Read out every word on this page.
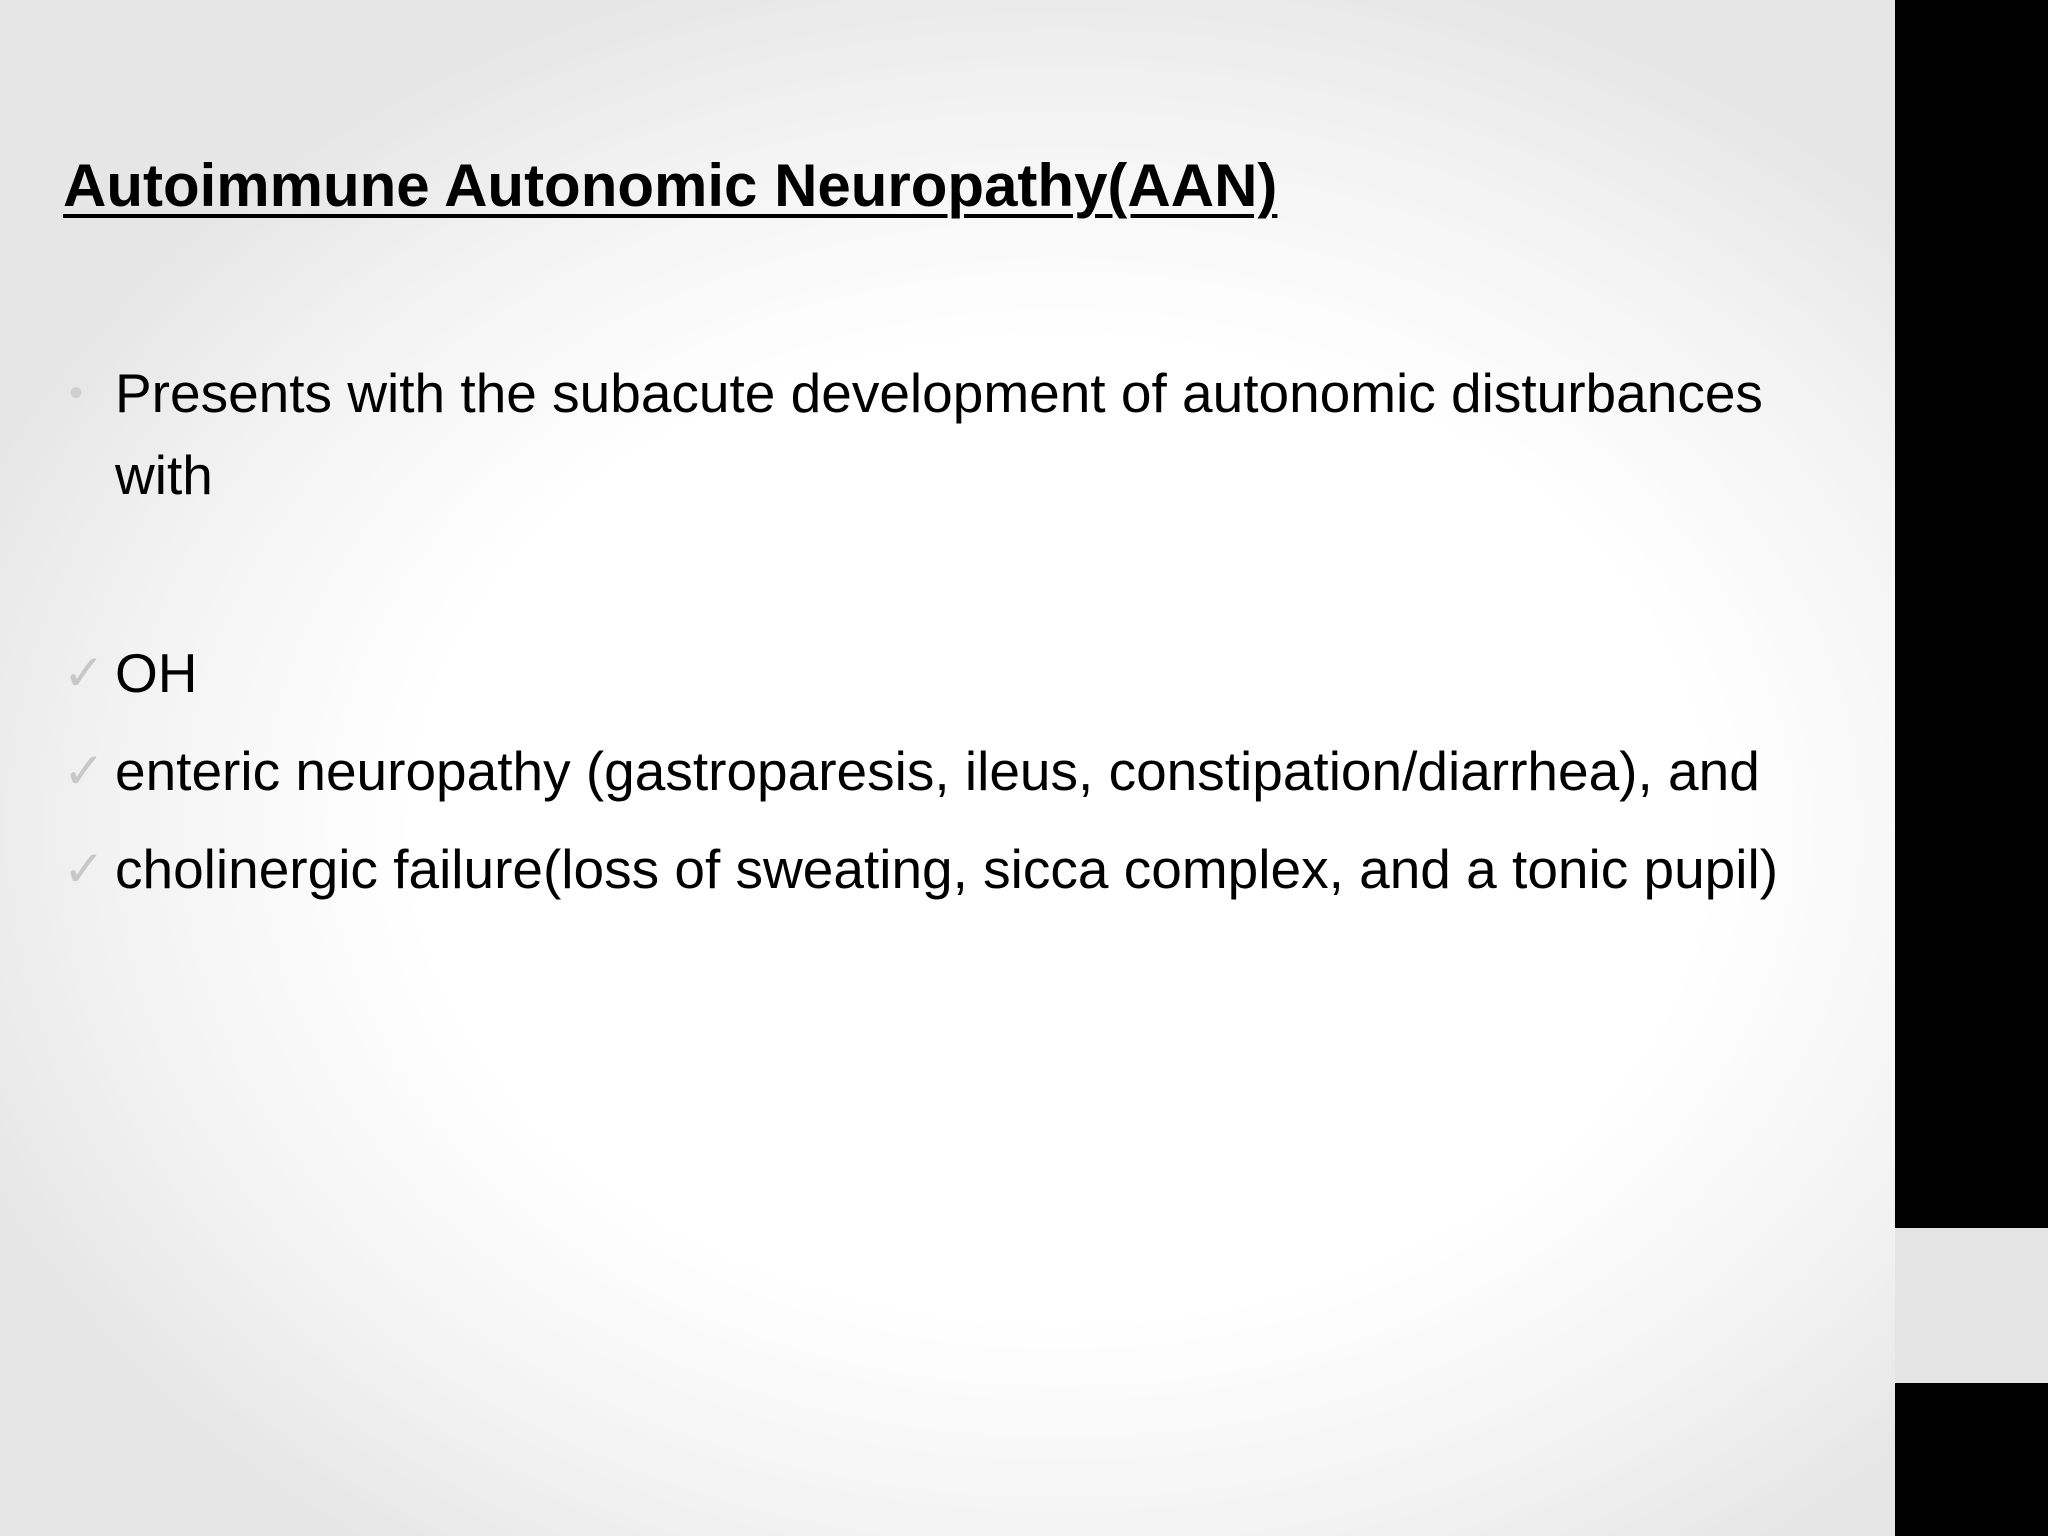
Autoimmune Autonomic Neuropathy(AAN)
• Presents with the subacute development of autonomic disturbances with
✓ OH
✓ enteric neuropathy (gastroparesis, ileus, constipation/diarrhea), and
✓ cholinergic failure(loss of sweating, sicca complex, and a tonic pupil)
